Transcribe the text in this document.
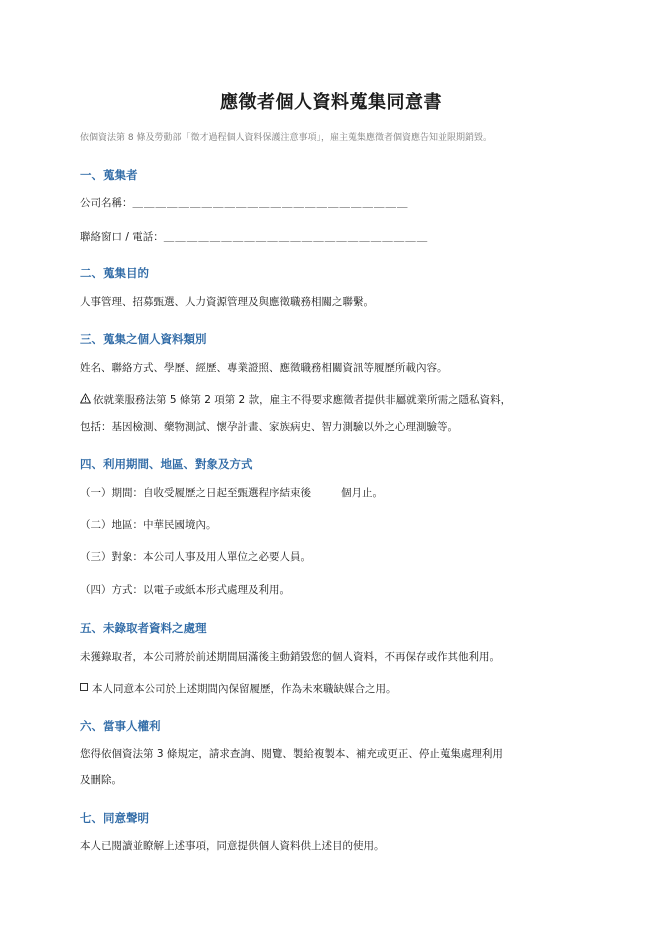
應徵者個人資料蒐集同意書
依個資法第 8 條及勞動部「徵才過程個人資料保護注意事項」，雇主蒐集應徵者個資應告知並限期銷毀。
一、蒐集者
公司名稱：＿＿＿＿＿＿＿＿＿＿＿＿＿＿＿＿＿＿＿＿＿＿＿＿
聯絡窗口 / 電話：＿＿＿＿＿＿＿＿＿＿＿＿＿＿＿＿＿＿＿＿＿＿＿
二、蒐集目的
人事管理、招募甄選、人力資源管理及與應徵職務相關之聯繫。
三、蒐集之個人資料類別
姓名、聯絡方式、學歷、經歷、專業證照、應徵職務相關資訊等履歷所載內容。
依就業服務法第 5 條第 2 項第 2 款，雇主不得要求應徵者提供非屬就業所需之隱私資料，
包括：基因檢測、藥物測試、懷孕計畫、家族病史、智力測驗以外之心理測驗等。
四、利用期間、地區、對象及方式
（一）期間：自收受履歷之日起至甄選程序結束後	個月止。
（二）地區：中華民國境內。
（三）對象：本公司人事及用人單位之必要人員。
（四）方式：以電子或紙本形式處理及利用。
五、未錄取者資料之處理
未獲錄取者，本公司將於前述期間屆滿後主動銷毀您的個人資料，不再保存或作其他利用。
本人同意本公司於上述期間內保留履歷，作為未來職缺媒合之用。
六、當事人權利
您得依個資法第 3 條規定，請求查詢、閱覽、製給複製本、補充或更正、停止蒐集處理利用
及刪除。
七、同意聲明
本人已閱讀並瞭解上述事項，同意提供個人資料供上述目的使用。
